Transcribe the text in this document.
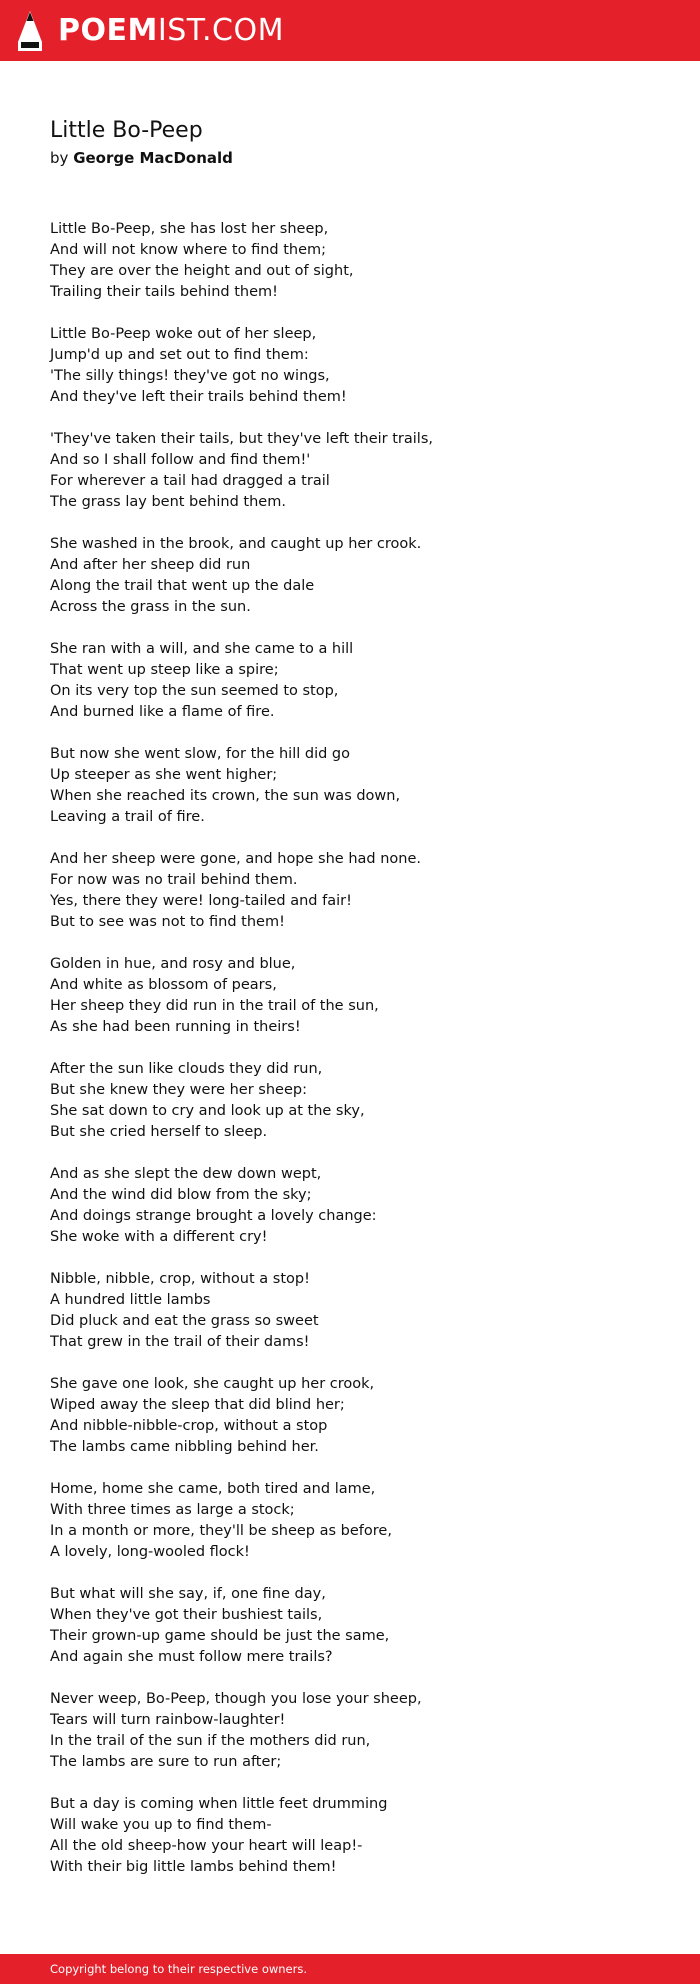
POEMIST.COM
Little Bo-Peep

by George MacDonald

Little Bo-Peep, she has lost her sheep,
And will not know where to find them;
They are over the height and out of sight,
Trailing their tails behind them!
Little Bo-Peep woke out of her sleep,
Jump'd up and set out to find them:
'The silly things! they've got no wings,
And they've left their trails behind them!
'They've taken their tails, but they've left their trails,
And so I shall follow and find them!'
For wherever a tail had dragged a trail
The grass lay bent behind them.
She washed in the brook, and caught up her crook.
And after her sheep did run
Along the trail that went up the dale
Across the grass in the sun.
She ran with a will, and she came to a hill
That went up steep like a spire;
On its very top the sun seemed to stop,
And burned like a flame of fire.
But now she went slow, for the hill did go
Up steeper as she went higher;
When she reached its crown, the sun was down,
Leaving a trail of fire.
And her sheep were gone, and hope she had none.
For now was no trail behind them.
Yes, there they were! long-tailed and fair!
But to see was not to find them!
Golden in hue, and rosy and blue,
And white as blossom of pears,
Her sheep they did run in the trail of the sun,
As she had been running in theirs!
After the sun like clouds they did run,
But she knew they were her sheep:
She sat down to cry and look up at the sky,
But she cried herself to sleep.
And as she slept the dew down wept,
And the wind did blow from the sky;
And doings strange brought a lovely change:
She woke with a different cry!
Nibble, nibble, crop, without a stop!
A hundred little lambs
Did pluck and eat the grass so sweet
That grew in the trail of their dams!
She gave one look, she caught up her crook,
Wiped away the sleep that did blind her;
And nibble-nibble-crop, without a stop
The lambs came nibbling behind her.
Home, home she came, both tired and lame,
With three times as large a stock;
In a month or more, they'll be sheep as before,
A lovely, long-wooled flock!
But what will she say, if, one fine day,
When they've got their bushiest tails,
Their grown-up game should be just the same,
And again she must follow mere trails?
Never weep, Bo-Peep, though you lose your sheep,
Tears will turn rainbow-laughter!
In the trail of the sun if the mothers did run,
The lambs are sure to run after;
But a day is coming when little feet drumming
Will wake you up to find them-
All the old sheep-how your heart will leap!-
With their big little lambs behind them!
Copyright belong to their respective owners.
